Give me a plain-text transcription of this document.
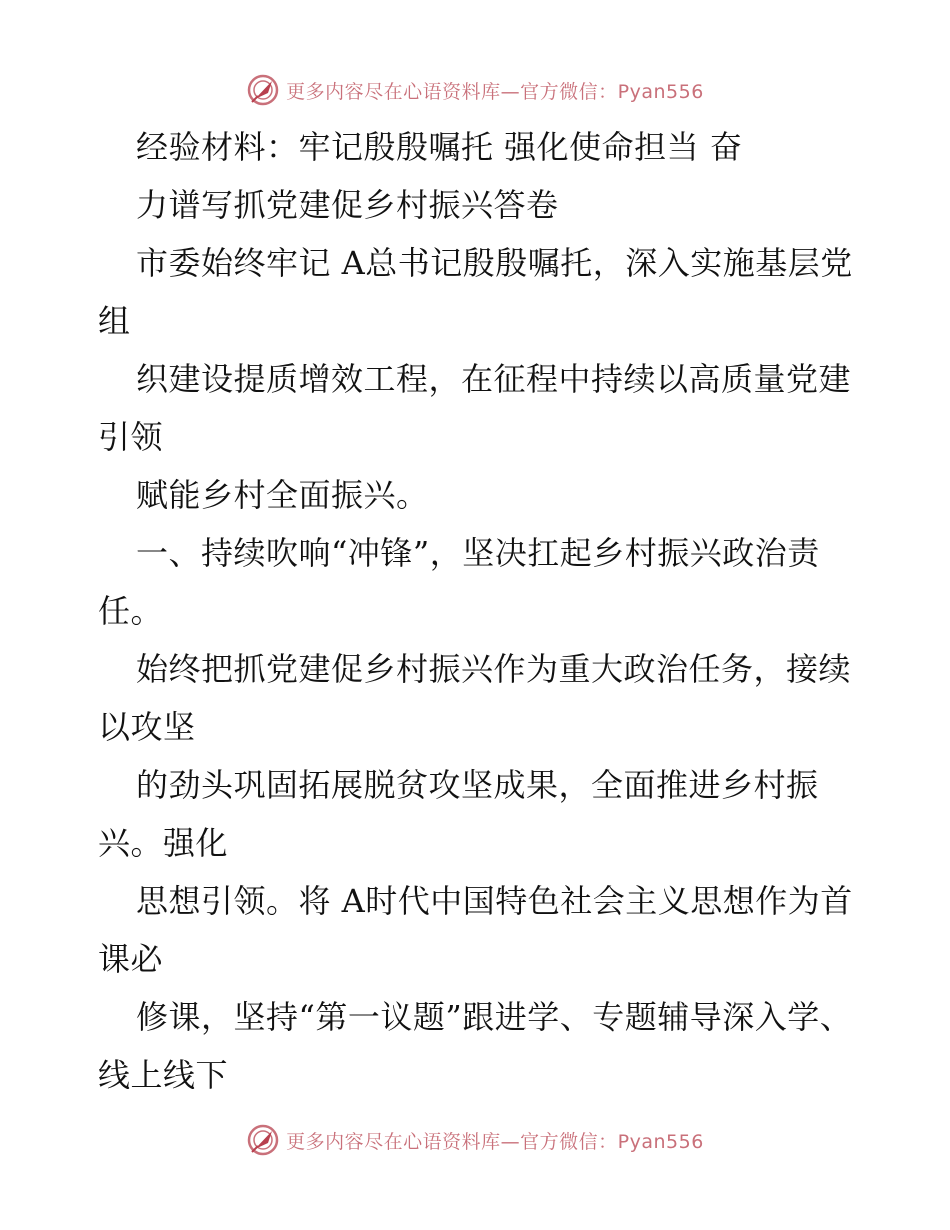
更多内容尽在心语资料库—官方微信：Pyan556

经验材料：牢记殷殷嘱托 强化使命担当 奋

力谱写抓党建促乡村振兴答卷

市委始终牢记 A总书记殷殷嘱托，深入实施基层党组

织建设提质增效工程，在征程中持续以高质量党建引领

赋能乡村全面振兴。

一、持续吹响“冲锋”，坚决扛起乡村振兴政治责任。

始终把抓党建促乡村振兴作为重大政治任务，接续以攻坚

的劲头巩固拓展脱贫攻坚成果，全面推进乡村振兴。强化

思想引领。将 A时代中国特色社会主义思想作为首课必

修课，坚持“第一议题”跟进学、专题辅导深入学、线上线下

更多内容尽在心语资料库—官方微信：Pyan556
